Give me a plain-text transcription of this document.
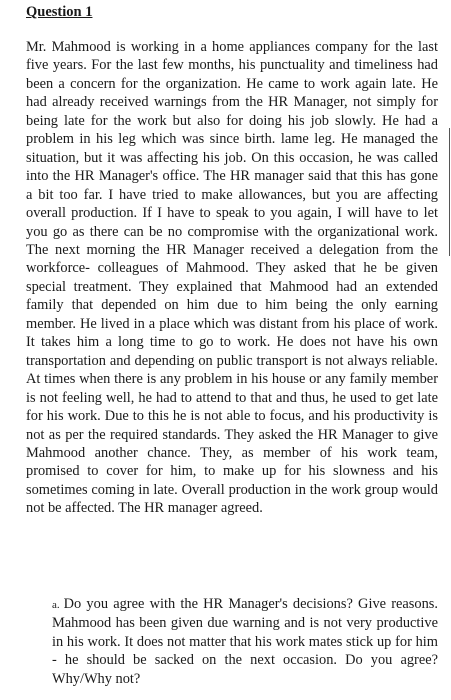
Question 1

Mr. Mahmood is working in a home appliances company for the last five years. For the last few months, his punctuality and timeliness had been a concern for the organization. He came to work again late. He had already received warnings from the HR Manager, not simply for being late for the work but also for doing his job slowly. He had a problem in his leg which was since birth. lame leg. He managed the situation, but it was affecting his job. On this occasion, he was called into the HR Manager's office. The HR manager said that this has gone a bit too far. I have tried to make allowances, but you are affecting overall production. If I have to speak to you again, I will have to let you go as there can be no compromise with the organizational work. The next morning the HR Manager received a delegation from the workforce- colleagues of Mahmood. They asked that he be given special treatment. They explained that Mahmood had an extended family that depended on him due to him being the only earning member. He lived in a place which was distant from his place of work. It takes him a long time to go to work. He does not have his own transportation and depending on public transport is not always reliable. At times when there is any problem in his house or any family member is not feeling well, he had to attend to that and thus, he used to get late for his work. Due to this he is not able to focus, and his productivity is not as per the required standards. They asked the HR Manager to give Mahmood another chance. They, as member of his work team, promised to cover for him, to make up for his slowness and his sometimes coming in late. Overall production in the work group would not be affected. The HR manager agreed.

a. Do you agree with the HR Manager's decisions? Give reasons. Mahmood has been given due warning and is not very productive in his work. It does not matter that his work mates stick up for him - he should be sacked on the next occasion. Do you agree? Why/Why not?
